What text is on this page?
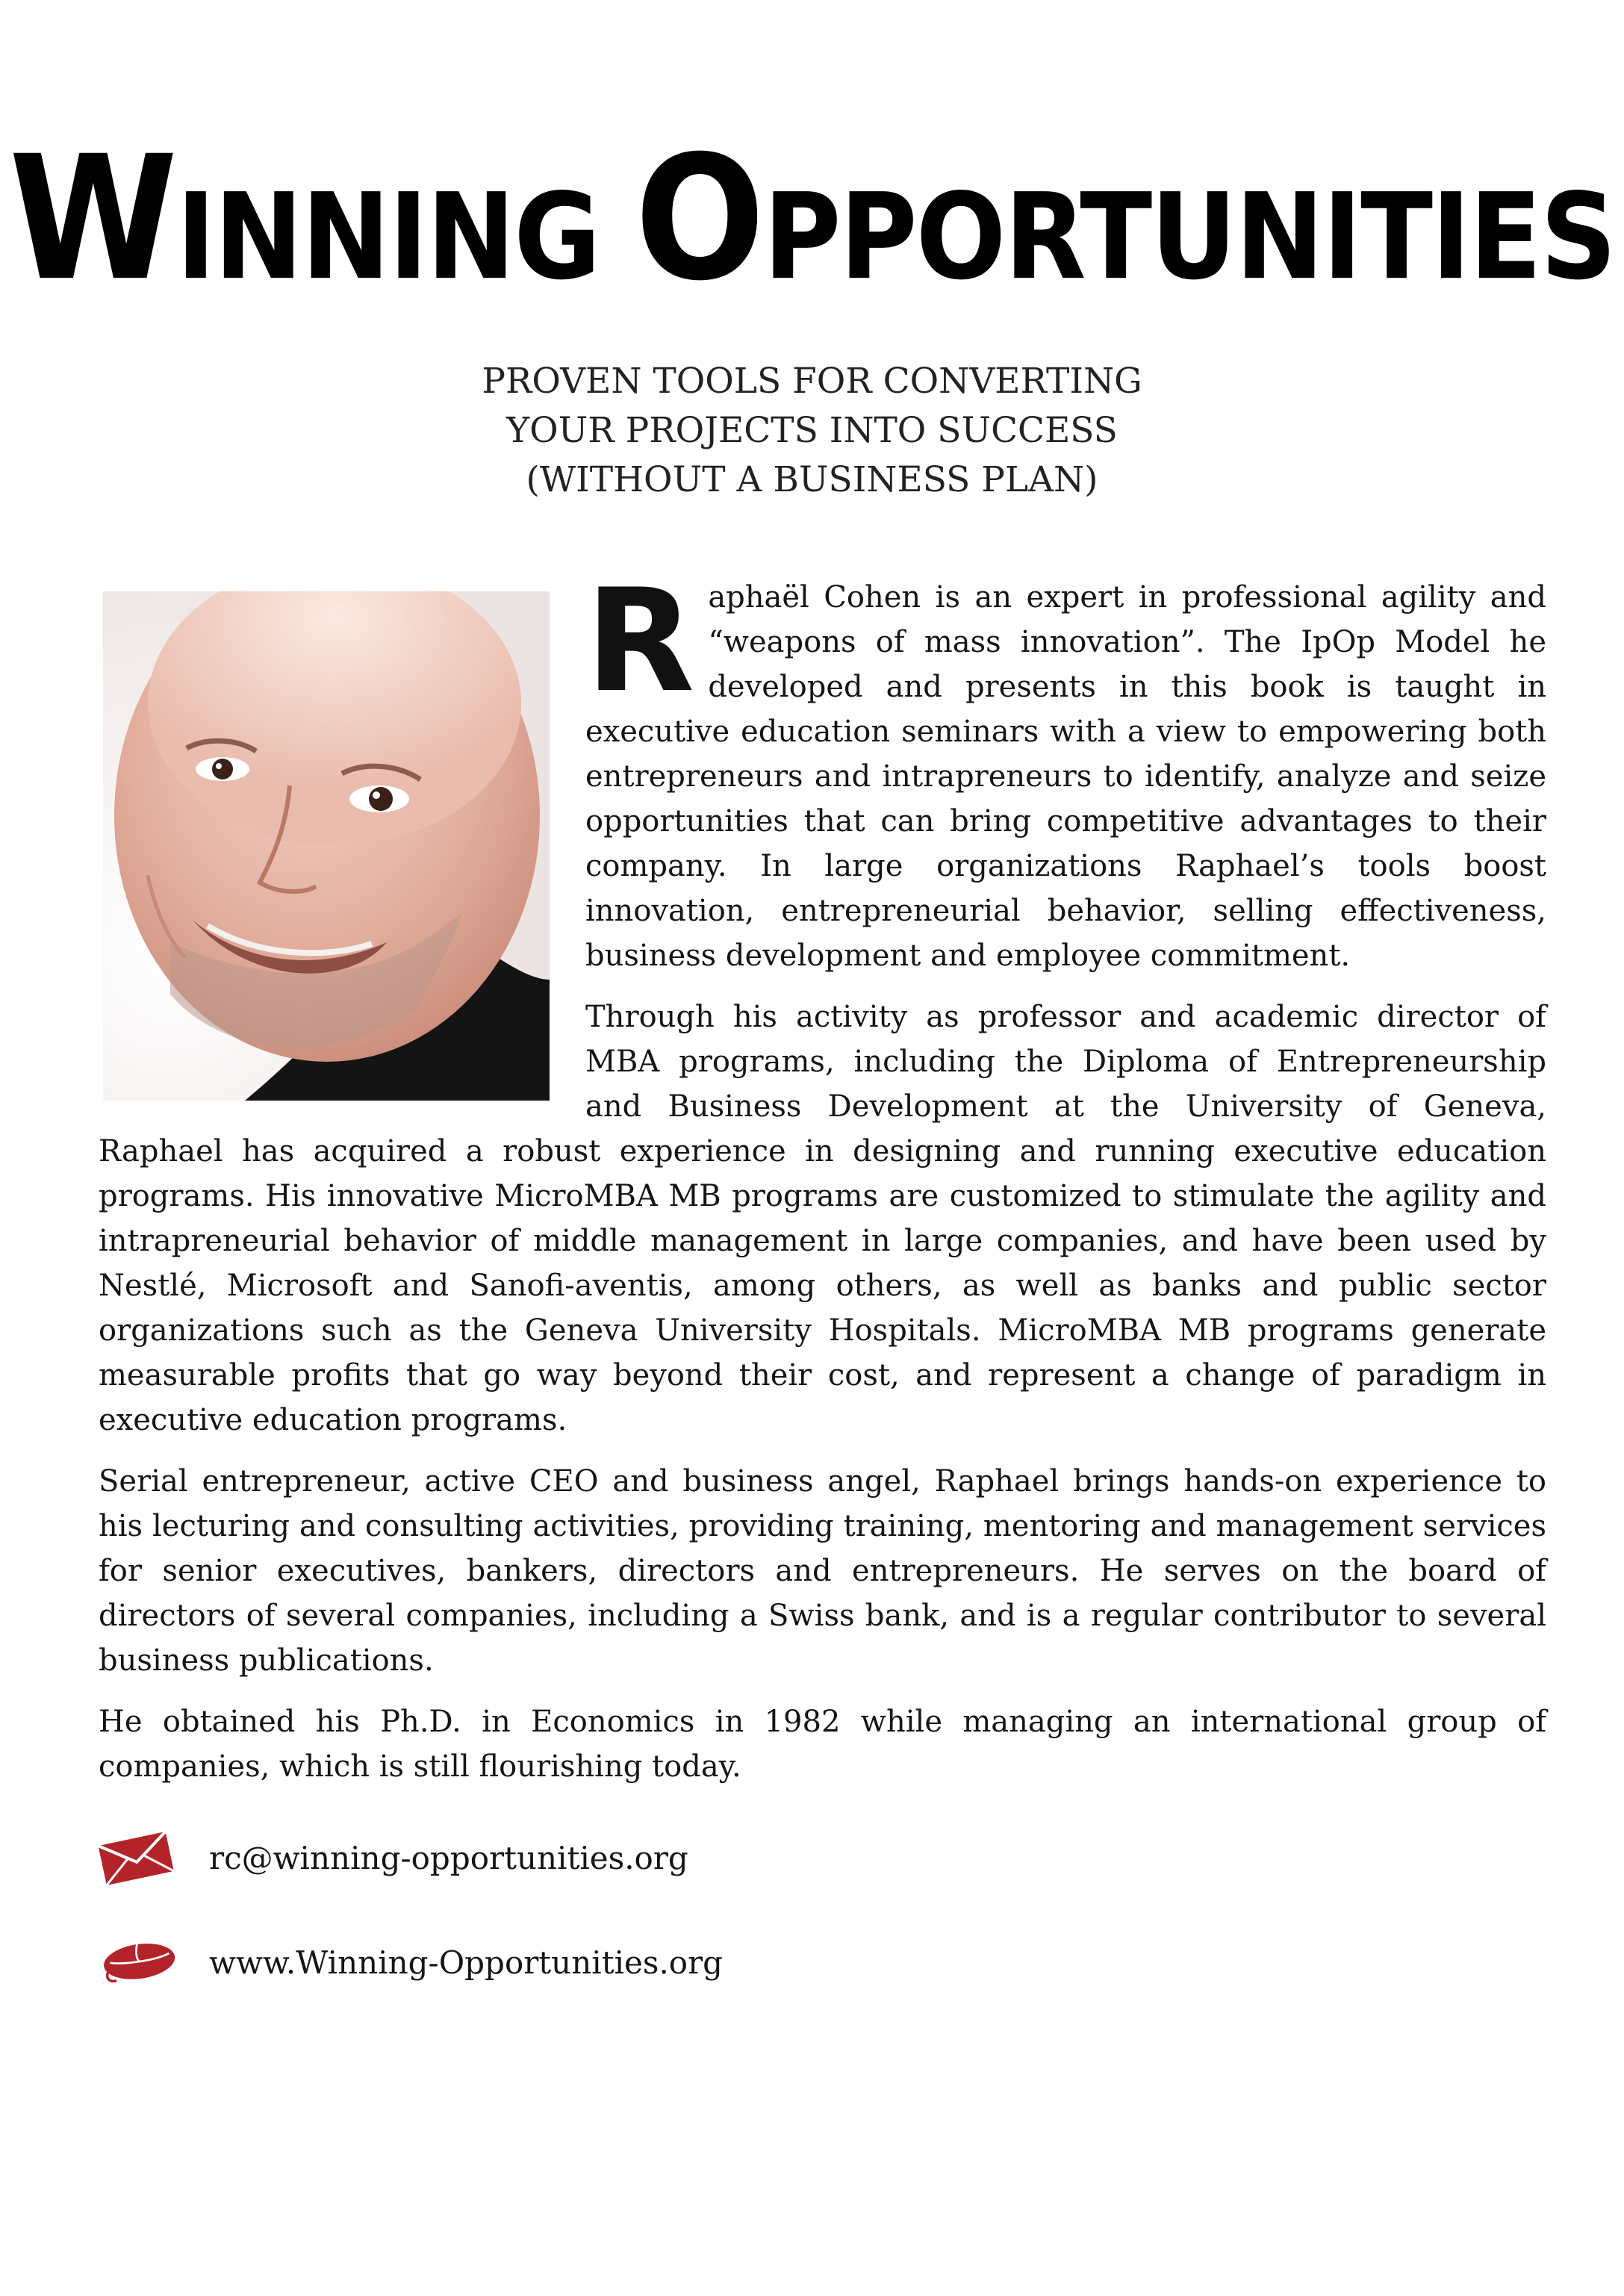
WINNING OPPORTUNITIES
PROVEN TOOLS FOR CONVERTING
YOUR PROJECTS INTO SUCCESS
(WITHOUT A BUSINESS PLAN)

Raphaël Cohen is an expert in professional agility and “weapons of mass innovation”. The IpOp Model he developed and presents in this book is taught in executive education seminars with a view to empowering both entrepreneurs and intrapreneurs to identify, analyze and seize opportunities that can bring competitive advantages to their company. In large organizations Raphael’s tools boost innovation, entrepreneurial behavior, selling effectiveness, business development and employee commitment.

Through his activity as professor and academic director of MBA programs, including the Diploma of Entrepreneurship and Business Development at the University of Geneva, Raphael has acquired a robust experience in designing and running executive education programs. His innovative MicroMBA MB programs are customized to stimulate the agility and intrapreneurial behavior of middle management in large companies, and have been used by Nestlé, Microsoft and Sanofi-aventis, among others, as well as banks and public sector organizations such as the Geneva University Hospitals. MicroMBA MB programs generate measurable profits that go way beyond their cost, and represent a change of paradigm in executive education programs.

Serial entrepreneur, active CEO and business angel, Raphael brings hands-on experience to his lecturing and consulting activities, providing training, mentoring and management services for senior executives, bankers, directors and entrepreneurs. He serves on the board of directors of several companies, including a Swiss bank, and is a regular contributor to several business publications.

He obtained his Ph.D. in Economics in 1982 while managing an international group of companies, which is still flourishing today.

rc@winning-opportunities.org
www.Winning-Opportunities.org
